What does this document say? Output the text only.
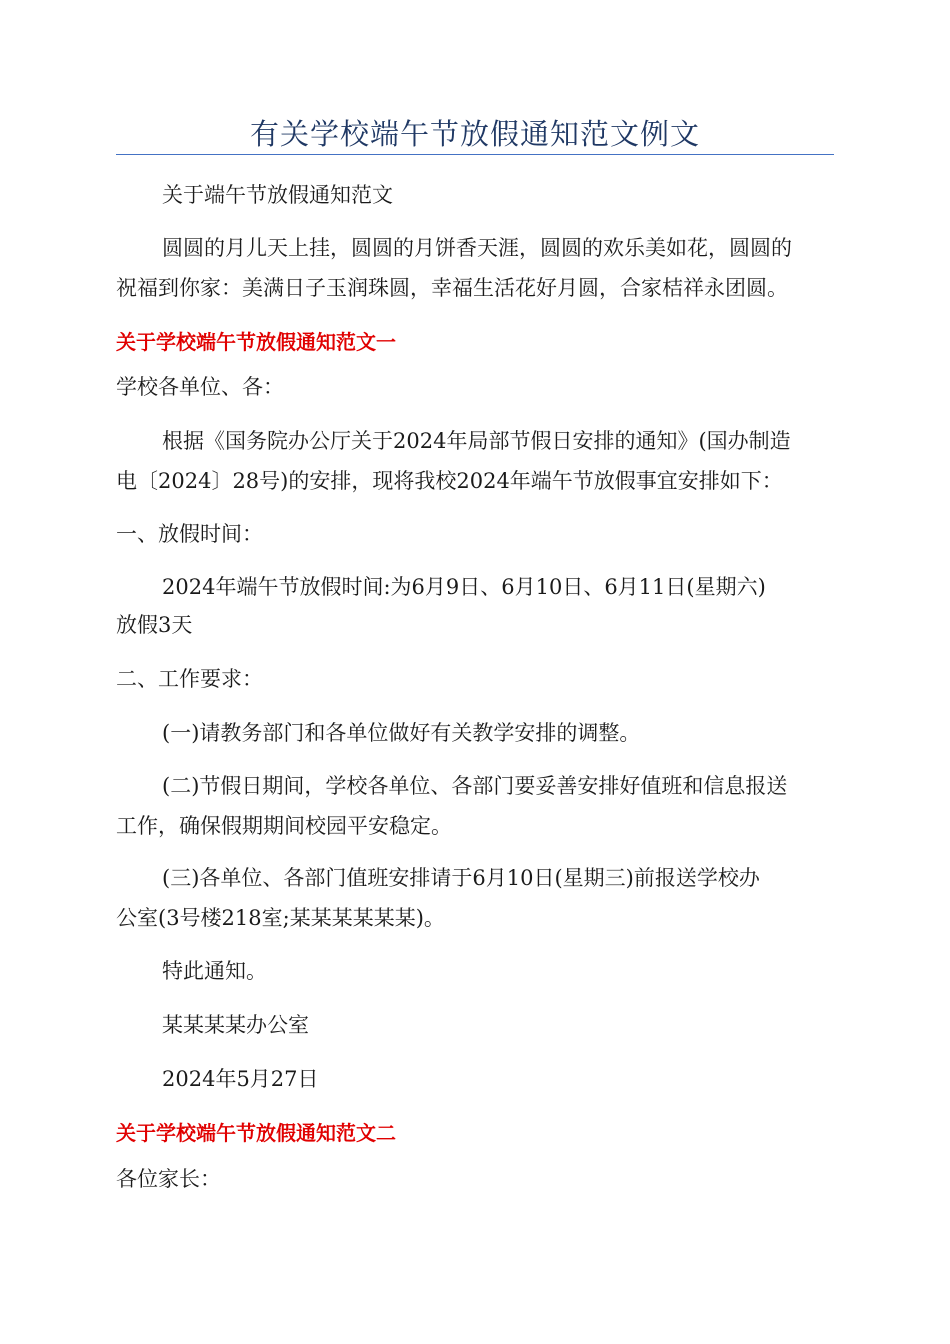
有关学校端午节放假通知范文例文
关于端午节放假通知范文
圆圆的月儿天上挂，圆圆的月饼香天涯，圆圆的欢乐美如花，圆圆的
祝福到你家：美满日子玉润珠圆，幸福生活花好月圆，合家桔祥永团圆。
关于学校端午节放假通知范文一
学校各单位、各：
根据《国务院办公厅关于2024年局部节假日安排的通知》(国办制造
电〔2024〕28号)的安排，现将我校2024年端午节放假事宜安排如下：
一、放假时间：
2024年端午节放假时间:为6月9日、6月10日、6月11日(星期六)
放假3天
二、工作要求：
(一)请教务部门和各单位做好有关教学安排的调整。
(二)节假日期间，学校各单位、各部门要妥善安排好值班和信息报送
工作，确保假期期间校园平安稳定。
(三)各单位、各部门值班安排请于6月10日(星期三)前报送学校办
公室(3号楼218室;某某某某某某)。
特此通知。
某某某某办公室
2024年5月27日
关于学校端午节放假通知范文二
各位家长：
